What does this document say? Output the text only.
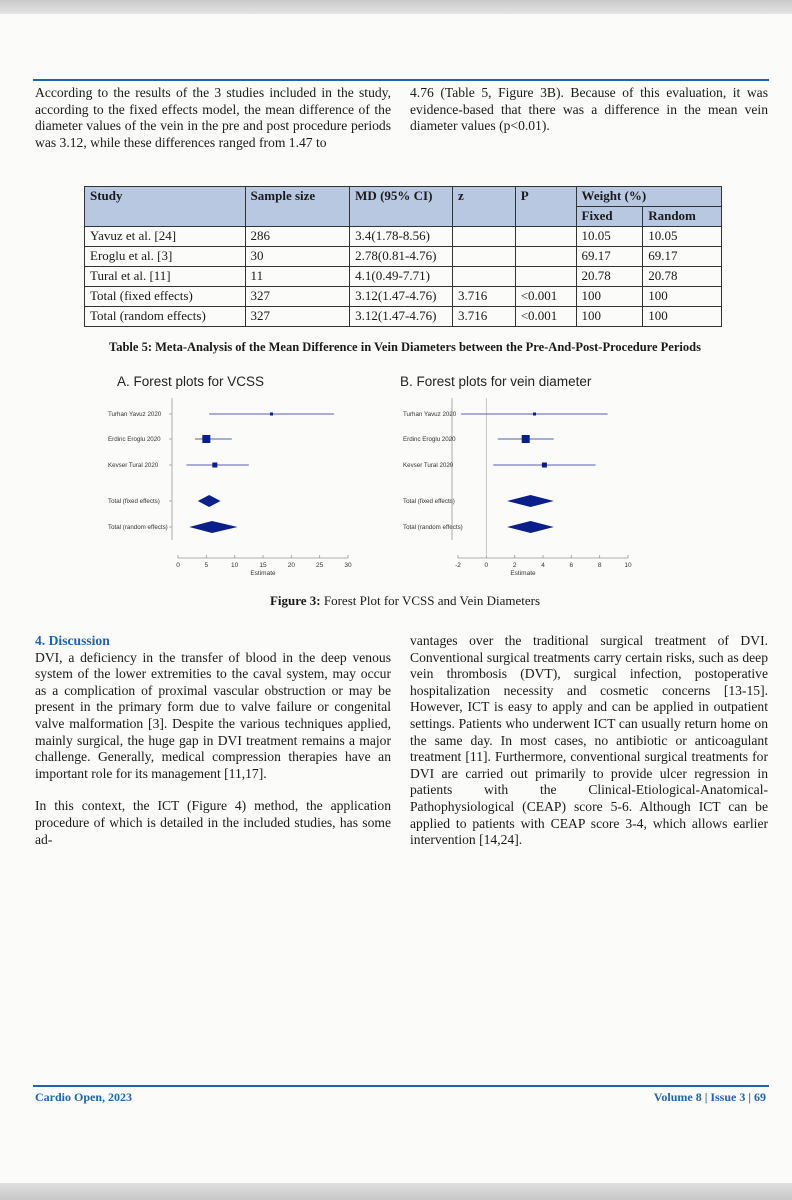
According to the results of the 3 studies included in the study, according to the fixed effects model, the mean difference of the diameter values of the vein in the pre and post procedure periods was 3.12, while these differences ranged from 1.47 to

4.76 (Table 5, Figure 3B). Because of this evaluation, it was evidence-based that there was a difference in the mean vein diameter values (p<0.01).

Study	Sample size	MD (95% CI)	z	P	Weight (%)	
					Fixed	Random
Yavuz et al. [24]	286	3.4(1.78-8.56)			10.05	10.05
Eroglu et al. [3]	30	2.78(0.81-4.76)			69.17	69.17
Tural et al. [11]	11	4.1(0.49-7.71)			20.78	20.78
Total (fixed effects)	327	3.12(1.47-4.76)	3.716	<0.001	100	100
Total (random effects)	327	3.12(1.47-4.76)	3.716	<0.001	100	100
Table 5: Meta-Analysis of the Mean Difference in Vein Diameters between the Pre-And-Post-Procedure Periods
A. Forest plots for VCSS
0	5	10	15	20	25	30
Estimate
Turhan Yavuz 2020
Erdinc Eroglu 2020
Kevser Tural 2020
Total (fixed effects)
Total (random effects)
B. Forest plots for vein diameter
-2	0	2	4	6	8	10
Estimate
Turhan Yavuz 2020
Erdinc Eroglu 2020
Kevser Tural 2020
Total (fixed effects)
Total (random effects)
Figure 3: Forest Plot for VCSS and Vein Diameters
4. Discussion

DVI, a deficiency in the transfer of blood in the deep venous system of the lower extremities to the caval system, may occur as a complication of proximal vascular obstruction or may be present in the primary form due to valve failure or congenital valve malformation [3]. Despite the various techniques applied, mainly surgical, the huge gap in DVI treatment remains a major challenge. Generally, medical compression therapies have an important role for its management [11,17].

In this context, the ICT (Figure 4) method, the application procedure of which is detailed in the included studies, has some ad-

vantages over the traditional surgical treatment of DVI. Conventional surgical treatments carry certain risks, such as deep vein thrombosis (DVT), surgical infection, postoperative hospitalization necessity and cosmetic concerns [13-15]. However, ICT is easy to apply and can be applied in outpatient settings. Patients who underwent ICT can usually return home on the same day. In most cases, no antibiotic or anticoagulant treatment [11]. Furthermore, conventional surgical treatments for DVI are carried out primarily to provide ulcer regression in patients with the Clinical-Etiological-Anatomical-Pathophysiological (CEAP) score 5-6. Although ICT can be applied to patients with CEAP score 3-4, which allows earlier intervention [14,24].

Cardio Open, 2023	Volume 8 | Issue 3 | 69
